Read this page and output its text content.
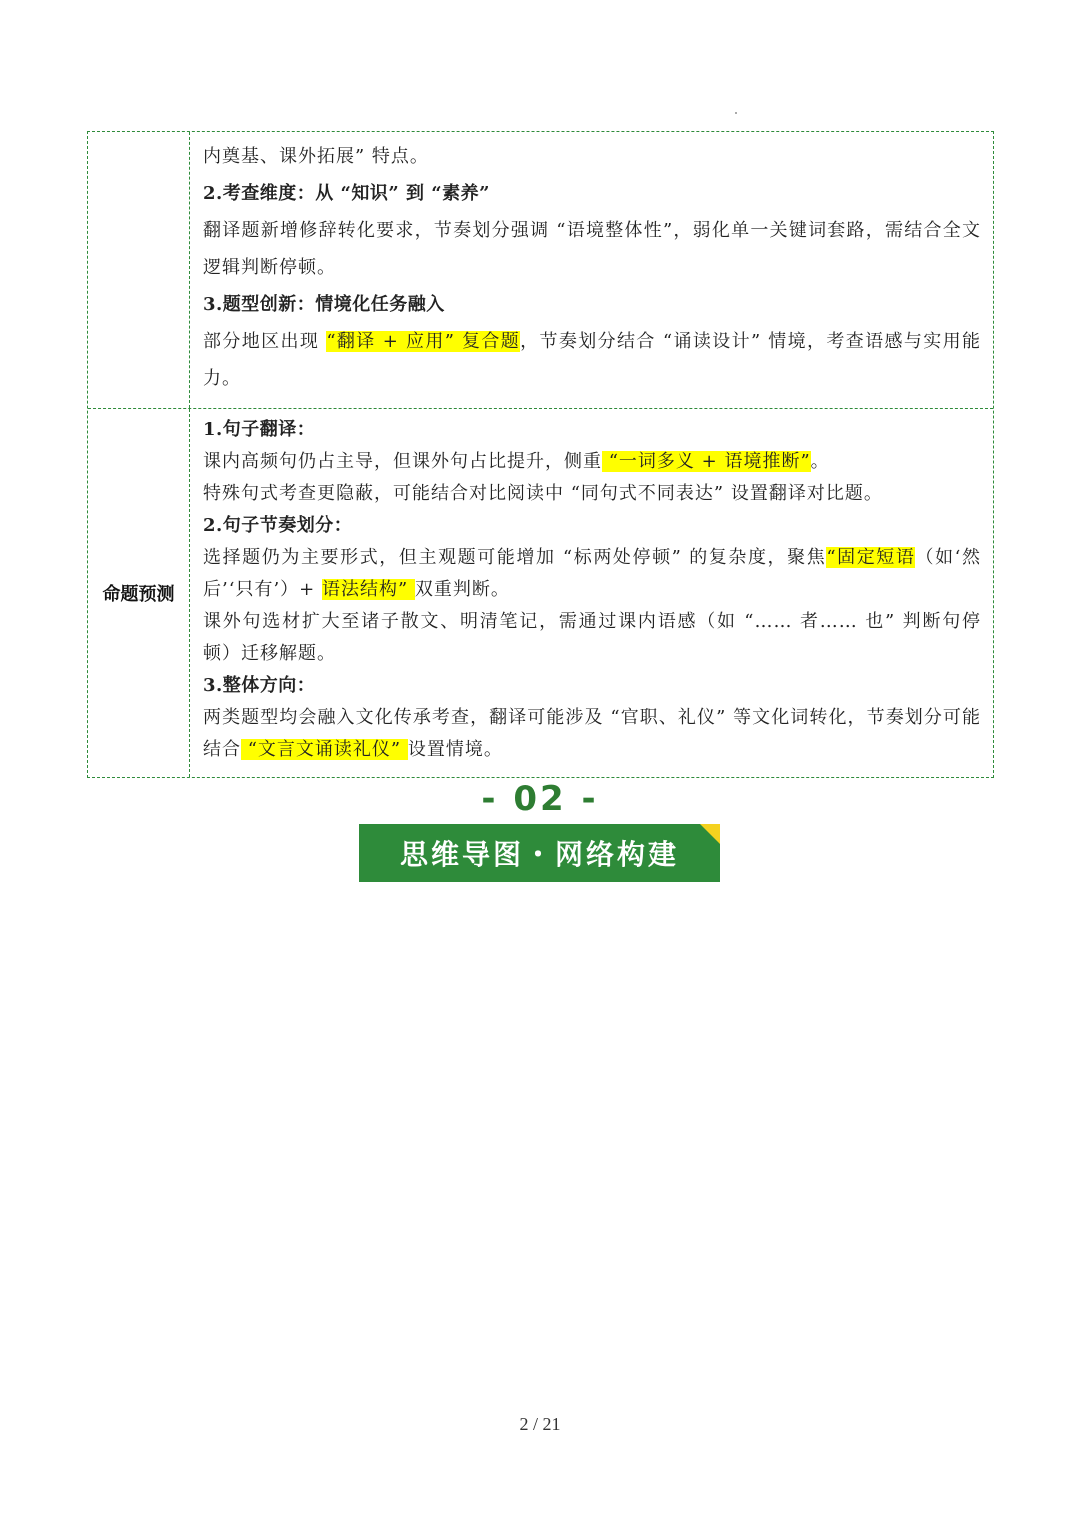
内奠基、课外拓展” 特点。

2.考查维度：从 “知识” 到 “素养”

翻译题新增修辞转化要求，节奏划分强调 “语境整体性”，弱化单一关键词套路，需结合全文逻辑判断停顿。

3.题型创新：情境化任务融入

部分地区出现 “翻译 + 应用” 复合题，节奏划分结合 “诵读设计” 情境，考查语感与实用能力。

命题预测

1.句子翻译：

课内高频句仍占主导，但课外句占比提升，侧重 “一词多义 + 语境推断”。

特殊句式考查更隐蔽，可能结合对比阅读中 “同句式不同表达” 设置翻译对比题。

2.句子节奏划分：

选择题仍为主要形式，但主观题可能增加 “标两处停顿” 的复杂度，聚焦“固定短语（如‘然后’‘只有’）+ 语法结构” 双重判断。

课外句选材扩大至诸子散文、明清笔记，需通过课内语感（如 “…… 者…… 也” 判断句停顿）迁移解题。

3.整体方向：

两类题型均会融入文化传承考查，翻译可能涉及 “官职、礼仪” 等文化词转化，节奏划分可能结合 “文言文诵读礼仪” 设置情境。

- 02 -
思维导图・网络构建
2 / 21
